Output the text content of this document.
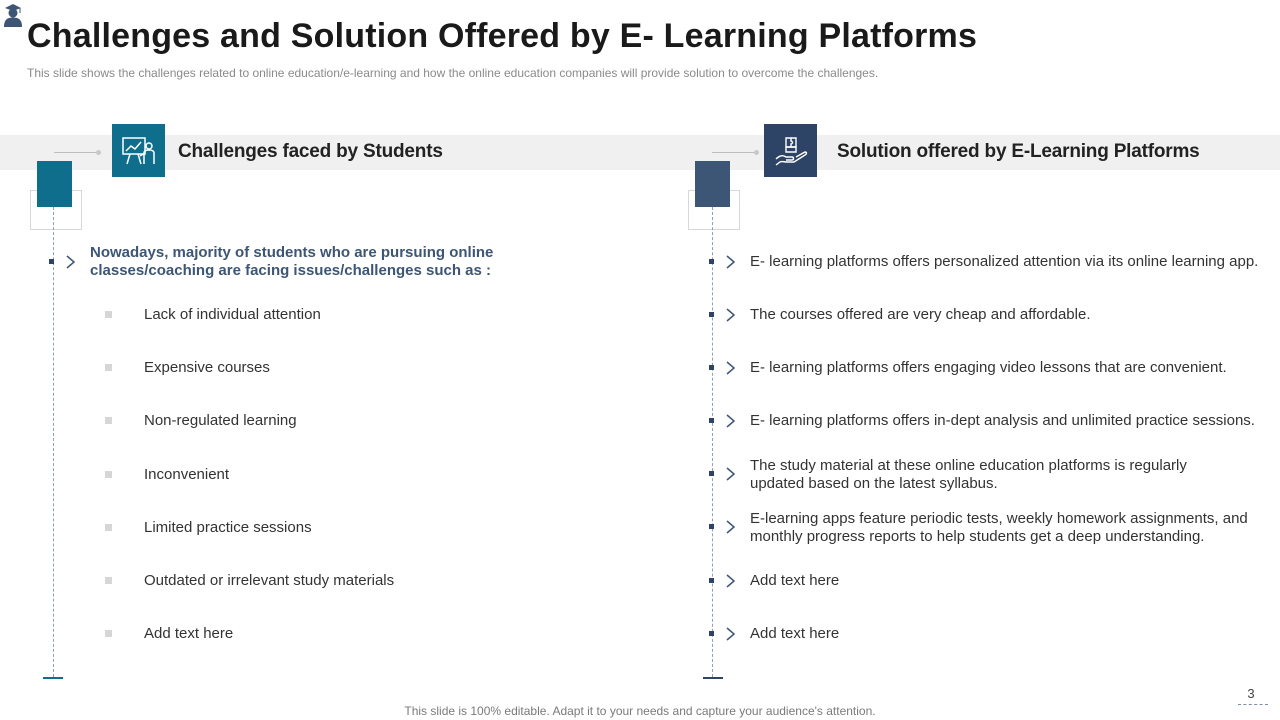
Challenges and Solution Offered by E- Learning Platforms
This slide shows the challenges related to online education/e-learning and how the online education companies will provide solution to overcome the challenges.
Challenges faced by Students
Nowadays, majority of students who are pursuing online classes/coaching are facing issues/challenges such as :
Lack of individual attention
Expensive courses
Non-regulated learning
Inconvenient
Limited practice sessions
Outdated or irrelevant study materials
Add text here
Solution offered by E-Learning Platforms
E- learning platforms offers personalized attention via its online learning app.
The courses offered are very cheap and affordable.
E- learning platforms offers engaging video lessons that are convenient.
E- learning platforms offers in-dept analysis and unlimited practice sessions.
The study material at these online education platforms is regularly updated based on the latest syllabus.
E-learning apps feature periodic tests, weekly homework assignments, and monthly progress reports to help students get a deep understanding.
Add text here
Add text here
3
This slide is 100% editable. Adapt it to your needs and capture your audience's attention.
